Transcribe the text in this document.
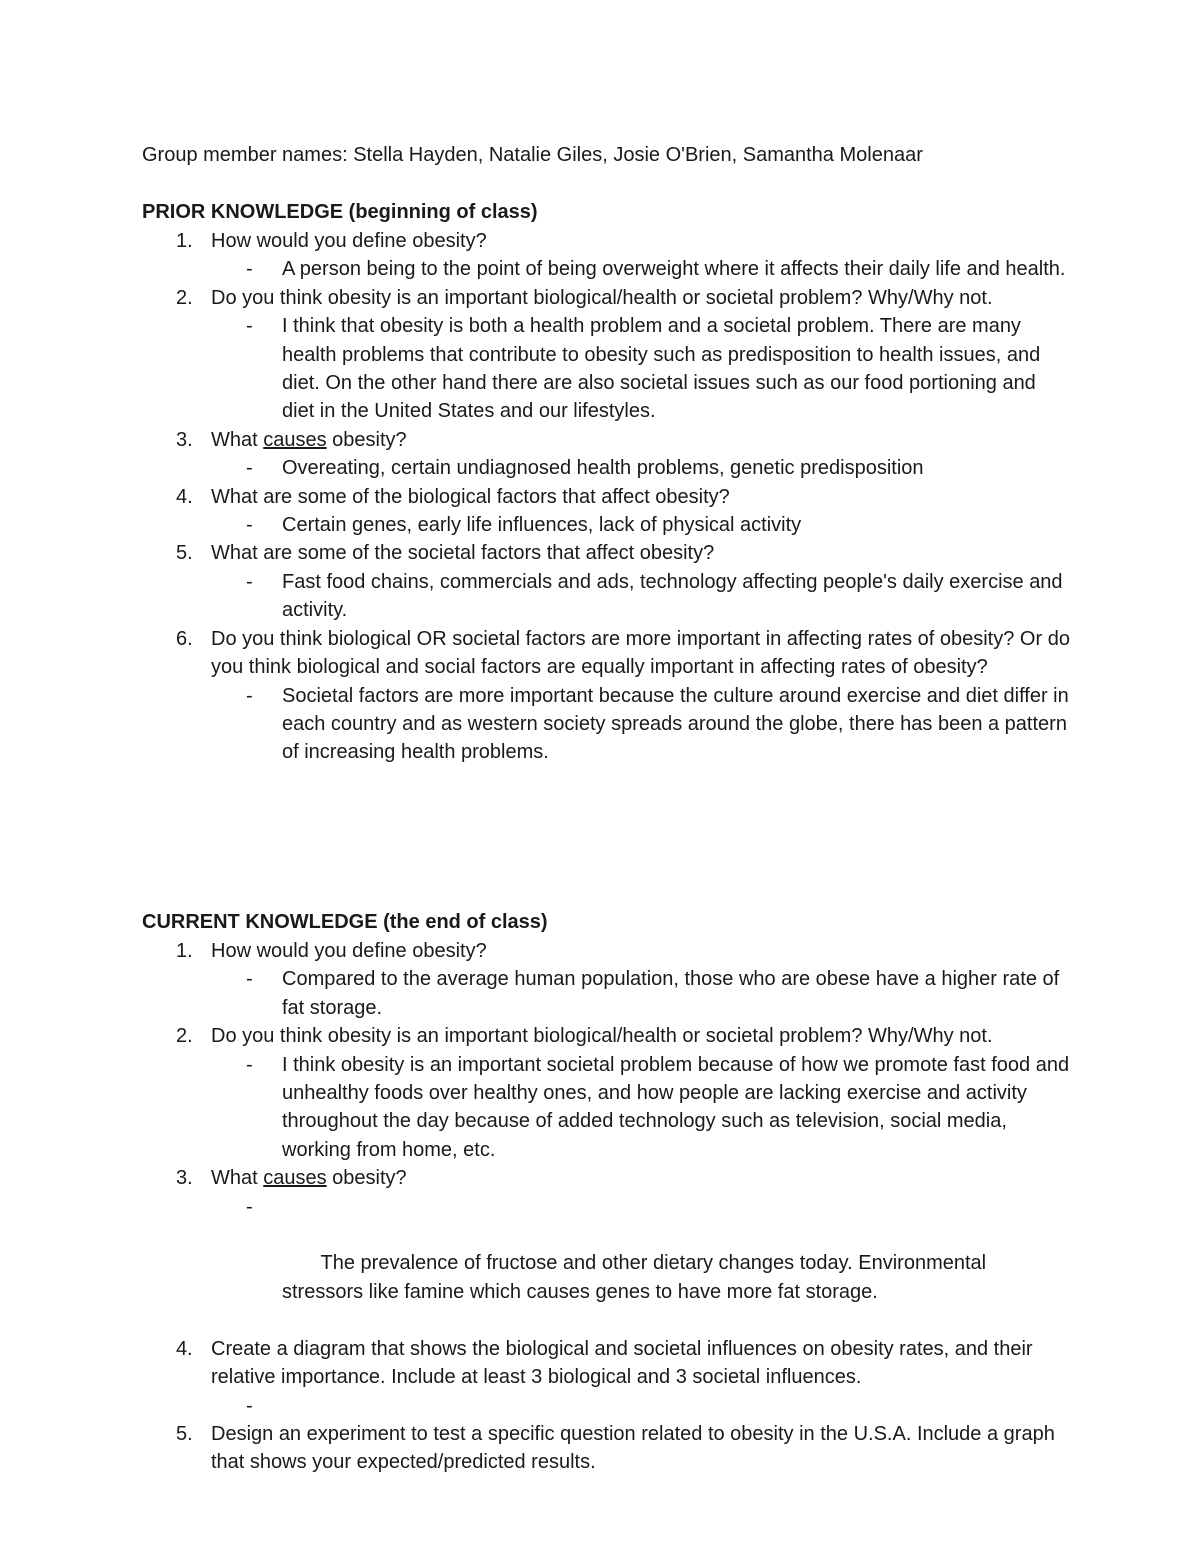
Group member names: Stella Hayden, Natalie Giles, Josie O'Brien, Samantha Molenaar
PRIOR KNOWLEDGE (beginning of class)
1. How would you define obesity?
- A person being to the point of being overweight where it affects their daily life and health.
2. Do you think obesity is an important biological/health or societal problem? Why/Why not.
- I think that obesity is both a health problem and a societal problem. There are many health problems that contribute to obesity such as predisposition to health issues, and diet. On the other hand there are also societal issues such as our food portioning and diet in the United States and our lifestyles.
3. What causes obesity?
- Overeating, certain undiagnosed health problems, genetic predisposition
4. What are some of the biological factors that affect obesity?
- Certain genes, early life influences, lack of physical activity
5. What are some of the societal factors that affect obesity?
- Fast food chains, commercials and ads, technology affecting people's daily exercise and activity.
6. Do you think biological OR societal factors are more important in affecting rates of obesity? Or do you think biological and social factors are equally important in affecting rates of obesity?
- Societal factors are more important because the culture around exercise and diet differ in each country and as western society spreads around the globe, there has been a pattern of increasing health problems.
CURRENT KNOWLEDGE (the end of class)
1. How would you define obesity?
- Compared to the average human population, those who are obese have a higher rate of fat storage.
2. Do you think obesity is an important biological/health or societal problem? Why/Why not.
- I think obesity is an important societal problem because of how we promote fast food and unhealthy foods over healthy ones, and how people are lacking exercise and activity throughout the day because of added technology such as television, social media, working from home, etc.
3. What causes obesity?

-

The prevalence of fructose and other dietary changes today. Environmental stressors like famine which causes genes to have more fat storage.

4. Create a diagram that shows the biological and societal influences on obesity rates, and their relative importance. Include at least 3 biological and 3 societal influences.
-
5. Design an experiment to test a specific question related to obesity in the U.S.A. Include a graph that shows your expected/predicted results.
